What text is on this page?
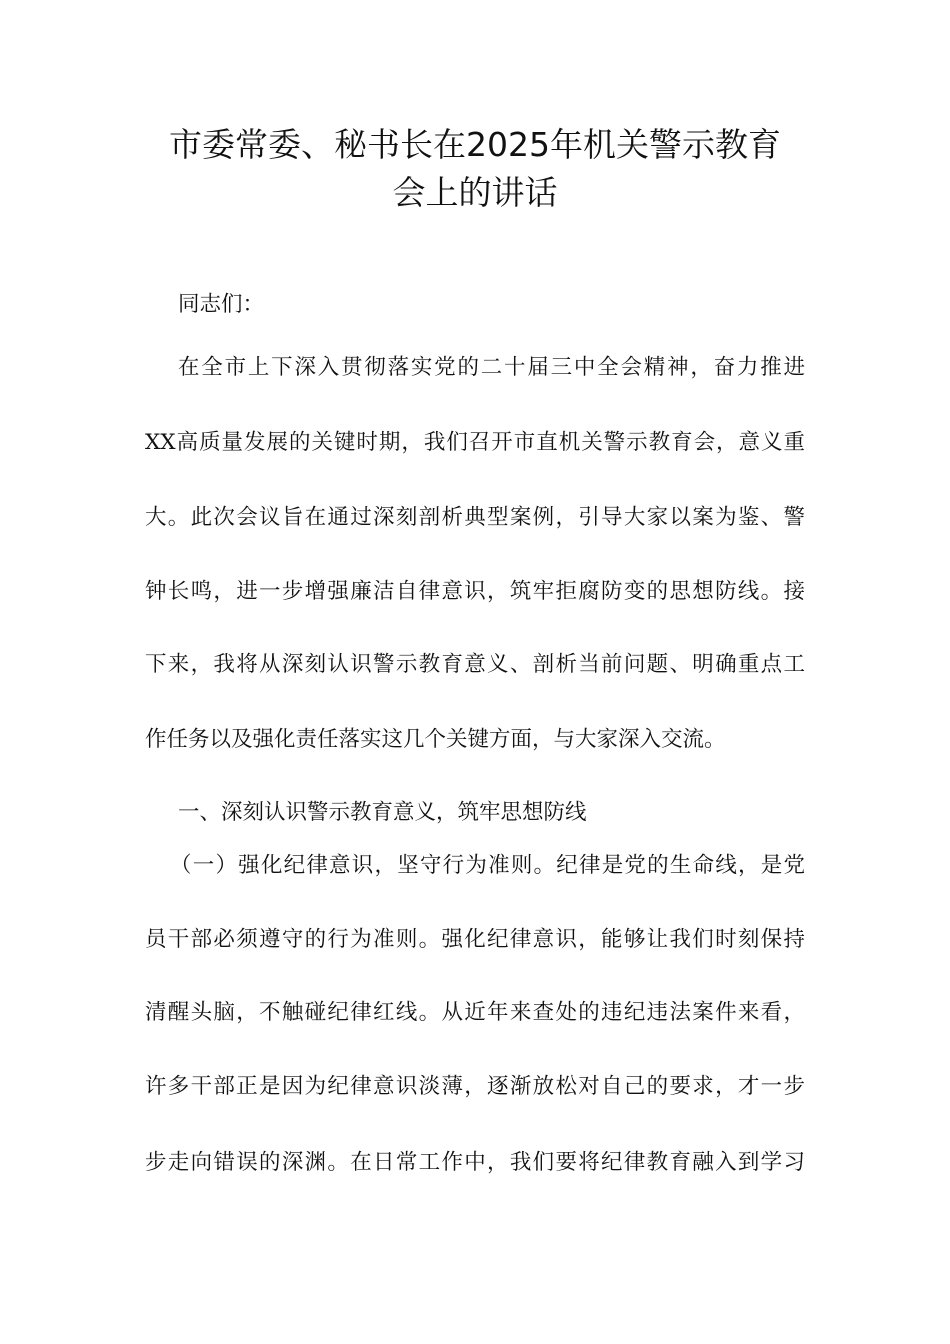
市委常委、秘书长在2025年机关警示教育
会上的讲话
同志们：
在全市上下深入贯彻落实党的二十届三中全会精神，奋力推进
XX高质量发展的关键时期，我们召开市直机关警示教育会，意义重
大。此次会议旨在通过深刻剖析典型案例，引导大家以案为鉴、警
钟长鸣，进一步增强廉洁自律意识，筑牢拒腐防变的思想防线。接
下来，我将从深刻认识警示教育意义、剖析当前问题、明确重点工
作任务以及强化责任落实这几个关键方面，与大家深入交流。
一、深刻认识警示教育意义，筑牢思想防线
（一）强化纪律意识，坚守行为准则。纪律是党的生命线，是党
员干部必须遵守的行为准则。强化纪律意识，能够让我们时刻保持
清醒头脑，不触碰纪律红线。从近年来查处的违纪违法案件来看，
许多干部正是因为纪律意识淡薄，逐渐放松对自己的要求，才一步
步走向错误的深渊。在日常工作中，我们要将纪律教育融入到学习
